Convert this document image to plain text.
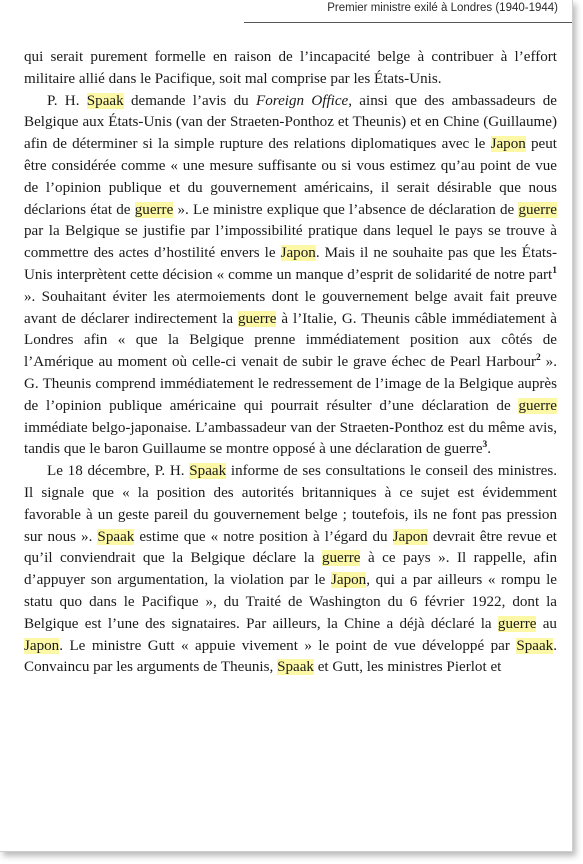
Premier ministre exilé à Londres (1940-1944)

qui serait purement formelle en raison de l’incapacité belge à contribuer à l’effort militaire allié dans le Pacifique, soit mal comprise par les États-Unis.

P. H. Spaak demande l’avis du Foreign Office, ainsi que des ambassadeurs de Belgique aux États-Unis (van der Straeten-Ponthoz et Theunis) et en Chine (Guillaume) afin de déterminer si la simple rupture des relations diplomatiques avec le Japon peut être considérée comme « une mesure suffisante ou si vous estimez qu’au point de vue de l’opinion publique et du gouvernement américains, il serait désirable que nous déclarions état de guerre ». Le ministre explique que l’absence de déclaration de guerre par la Belgique se justifie par l’impossibilité pratique dans lequel le pays se trouve à commettre des actes d’hostilité envers le Japon. Mais il ne souhaite pas que les États-Unis interprètent cette décision « comme un manque d’esprit de solidarité de notre part$^1$ ». Souhaitant éviter les atermoiements dont le gouvernement belge avait fait preuve avant de déclarer indirectement la guerre à l’Italie, G. Theunis câble immédiatement à Londres afin « que la Belgique prenne immédiatement position aux côtés de l’Amérique au moment où celle-ci venait de subir le grave échec de Pearl Harbour$^2$ ». G. Theunis comprend immédiatement le redressement de l’image de la Belgique auprès de l’opinion publique américaine qui pourrait résulter d’une déclaration de guerre immédiate belgo-japonaise. L’ambassadeur van der Straeten-Ponthoz est du même avis, tandis que le baron Guillaume se montre opposé à une déclaration de guerre$^3$.

Le 18 décembre, P. H. Spaak informe de ses consultations le conseil des ministres. Il signale que « la position des autorités britanniques à ce sujet est évidemment favorable à un geste pareil du gouvernement belge ; toutefois, ils ne font pas pression sur nous ». Spaak estime que « notre position à l’égard du Japon devrait être revue et qu’il conviendrait que la Belgique déclare la guerre à ce pays ». Il rappelle, afin d’appuyer son argumentation, la violation par le Japon, qui a par ailleurs « rompu le statu quo dans le Pacifique », du Traité de Washington du 6 février 1922, dont la Belgique est l’une des signataires. Par ailleurs, la Chine a déjà déclaré la guerre au Japon. Le ministre Gutt « appuie vivement » le point de vue développé par Spaak. Convaincu par les arguments de Theunis, Spaak et Gutt, les ministres Pierlot et
